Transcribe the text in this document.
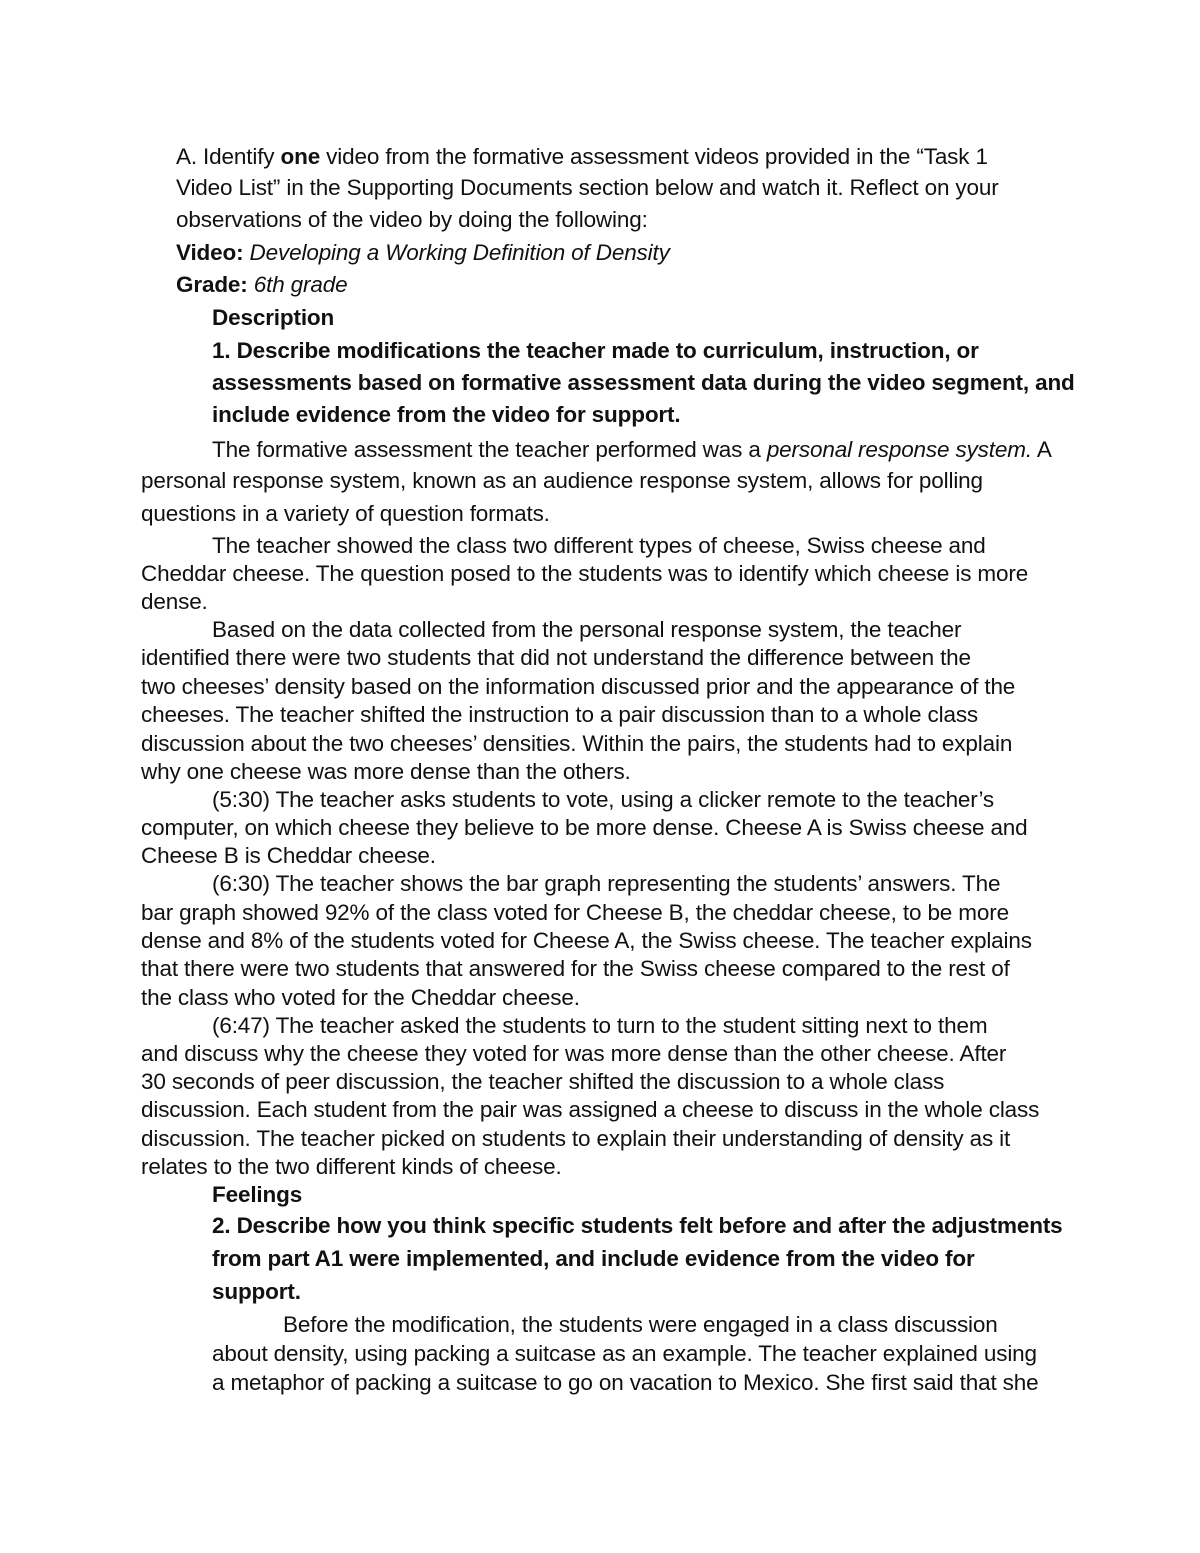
A. Identify one video from the formative assessment videos provided in the “Task 1
Video List” in the Supporting Documents section below and watch it. Reflect on your
observations of the video by doing the following:
Video: Developing a Working Definition of Density
Grade: 6th grade
Description
1. Describe modifications the teacher made to curriculum, instruction, or
assessments based on formative assessment data during the video segment, and
include evidence from the video for support.
The formative assessment the teacher performed was a personal response system. A
personal response system, known as an audience response system, allows for polling
questions in a variety of question formats.
The teacher showed the class two different types of cheese, Swiss cheese and
Cheddar cheese. The question posed to the students was to identify which cheese is more
dense.
Based on the data collected from the personal response system, the teacher
identified there were two students that did not understand the difference between the
two cheeses’ density based on the information discussed prior and the appearance of the
cheeses. The teacher shifted the instruction to a pair discussion than to a whole class
discussion about the two cheeses’ densities. Within the pairs, the students had to explain
why one cheese was more dense than the others.
(5:30) The teacher asks students to vote, using a clicker remote to the teacher’s
computer, on which cheese they believe to be more dense. Cheese A is Swiss cheese and
Cheese B is Cheddar cheese.
(6:30) The teacher shows the bar graph representing the students’ answers. The
bar graph showed 92% of the class voted for Cheese B, the cheddar cheese, to be more
dense and 8% of the students voted for Cheese A, the Swiss cheese. The teacher explains
that there were two students that answered for the Swiss cheese compared to the rest of
the class who voted for the Cheddar cheese.
(6:47) The teacher asked the students to turn to the student sitting next to them
and discuss why the cheese they voted for was more dense than the other cheese. After
30 seconds of peer discussion, the teacher shifted the discussion to a whole class
discussion. Each student from the pair was assigned a cheese to discuss in the whole class
discussion. The teacher picked on students to explain their understanding of density as it
relates to the two different kinds of cheese.
Feelings
2. Describe how you think specific students felt before and after the adjustments
from part A1 were implemented, and include evidence from the video for
support.
Before the modification, the students were engaged in a class discussion
about density, using packing a suitcase as an example. The teacher explained using
a metaphor of packing a suitcase to go on vacation to Mexico. She first said that she
